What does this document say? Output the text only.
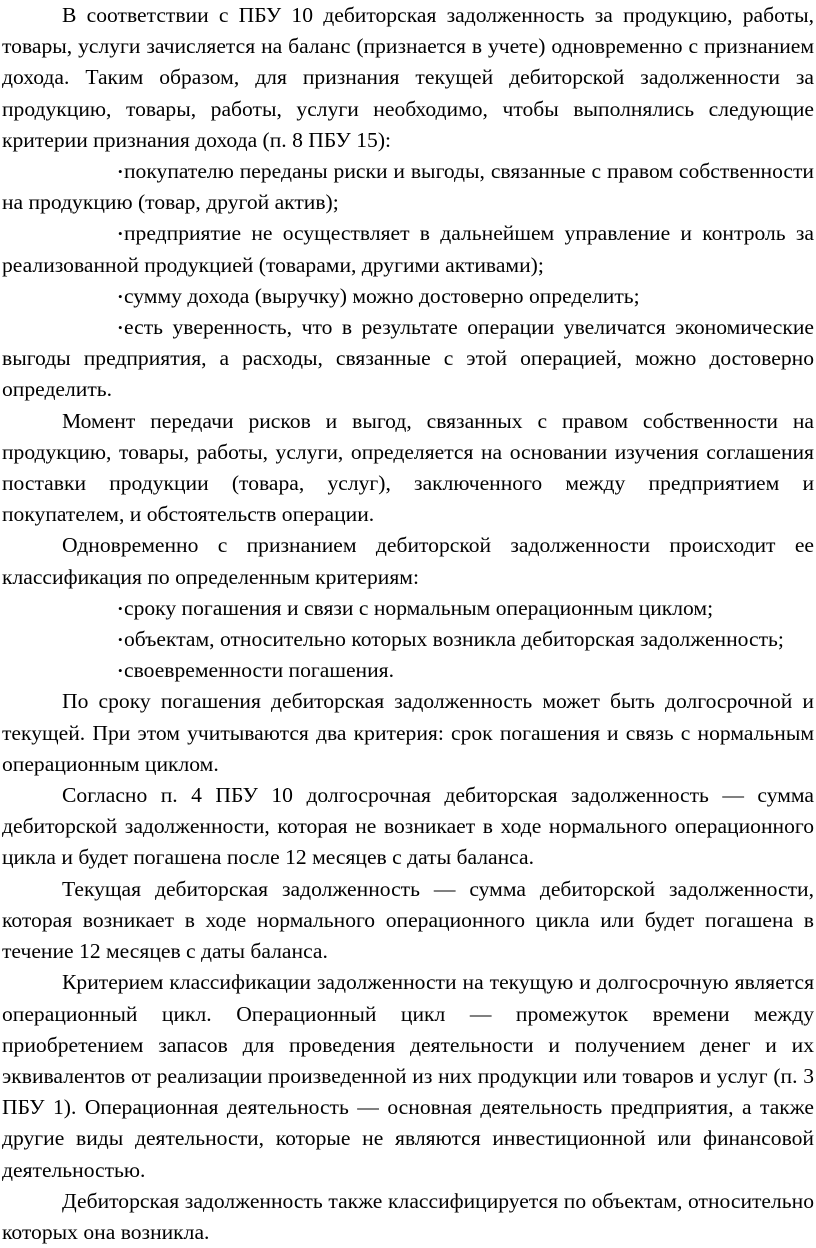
В соответствии с ПБУ 10 дебиторская задолженность за продукцию, работы, товары, услуги зачисляется на баланс (признается в учете) одновременно с признанием дохода. Таким образом, для признания текущей дебиторской задолженности за продукцию, товары, работы, услуги необходимо, чтобы выполнялись следующие критерии признания дохода (п. 8 ПБУ 15):

• покупателю переданы риски и выгоды, связанные с правом собственности на продукцию (товар, другой актив);
• предприятие не осуществляет в дальнейшем управление и контроль за реализованной продукцией (товарами, другими активами);
• сумму дохода (выручку) можно достоверно определить;
• есть уверенность, что в результате операции увеличатся экономические выгоды предприятия, а расходы, связанные с этой операцией, можно достоверно определить.

Момент передачи рисков и выгод, связанных с правом собственности на продукцию, товары, работы, услуги, определяется на основании изучения соглашения поставки продукции (товара, услуг), заключенного между предприятием и покупателем, и обстоятельств операции.

Одновременно с признанием дебиторской задолженности происходит ее классификация по определенным критериям:

• сроку погашения и связи с нормальным операционным циклом;
• объектам, относительно которых возникла дебиторская задолженность;
• своевременности погашения.

По сроку погашения дебиторская задолженность может быть долгосрочной и текущей. При этом учитываются два критерия: срок погашения и связь с нормальным операционным циклом.

Согласно п. 4 ПБУ 10 долгосрочная дебиторская задолженность — сумма дебиторской задолженности, которая не возникает в ходе нормального операционного цикла и будет погашена после 12 месяцев с даты баланса.

Текущая дебиторская задолженность — сумма дебиторской задолженности, которая возникает в ходе нормального операционного цикла или будет погашена в течение 12 месяцев с даты баланса.

Критерием классификации задолженности на текущую и долгосрочную является операционный цикл. Операционный цикл — промежуток времени между приобретением запасов для проведения деятельности и получением денег и их эквивалентов от реализации произведенной из них продукции или товаров и услуг (п. 3 ПБУ 1). Операционная деятельность — основная деятельность предприятия, а также другие виды деятельности, которые не являются инвестиционной или финансовой деятельностью.

Дебиторская задолженность также классифицируется по объектам, относительно которых она возникла.
